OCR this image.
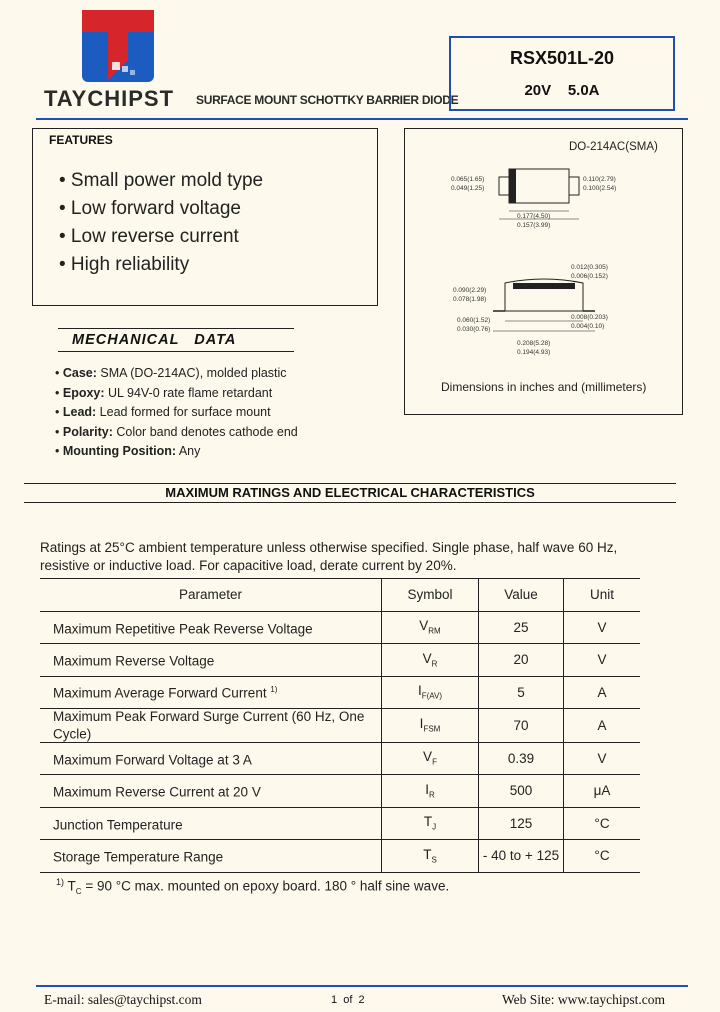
TAYCHIPST SURFACE MOUNT SCHOTTKY BARRIER DIODE
RSX501L-20
20V    5.0A
FEATURES
• Small power mold type
• Low forward voltage
• Low reverse current
• High reliability
DO-214AC(SMA)
0.065(1.65)
0.049(1.25)
0.110(2.79)
0.100(2.54)
0.177(4.50)
0.157(3.99)
0.012(0.305)
0.006(0.152)
0.090(2.29)
0.078(1.98)
0.060(1.52)
0.030(0.76)
0.008(0.203)
0.004(0.10)
0.208(5.28)
0.194(4.93)
Dimensions in inches and (millimeters)
MECHANICAL   DATA
• Case: SMA (DO-214AC), molded plastic
• Epoxy: UL 94V-0 rate flame retardant
• Lead: Lead formed for surface mount
• Polarity: Color band denotes cathode end
• Mounting Position: Any
MAXIMUM RATINGS AND ELECTRICAL CHARACTERISTICS
Ratings at 25°C ambient temperature unless otherwise specified. Single phase, half wave 60 Hz, resistive or inductive load. For capacitive load, derate current by 20%.
Parameter	Symbol	Value	Unit
Maximum Repetitive Peak Reverse Voltage	$V_{RM}$	25	V
Maximum Reverse Voltage	$V_R$	20	V
Maximum Average Forward Current $^{1)}$	$I_{F(AV)}$	5	A
Maximum Peak Forward Surge Current (60 Hz, One Cycle)	$I_{FSM}$	70	A
Maximum Forward Voltage at 3 A	$V_F$	0.39	V
Maximum Reverse Current at 20 V	$I_R$	500	μA
Junction Temperature	$T_J$	125	°C
Storage Temperature Range	$T_S$	- 40 to + 125	°C
$^{1)}$ $T_C = 90$ °C max. mounted on epoxy board. 180 ° half sine wave.
E-mail: sales@taychipst.com	1  of  2	Web Site: www.taychipst.com
